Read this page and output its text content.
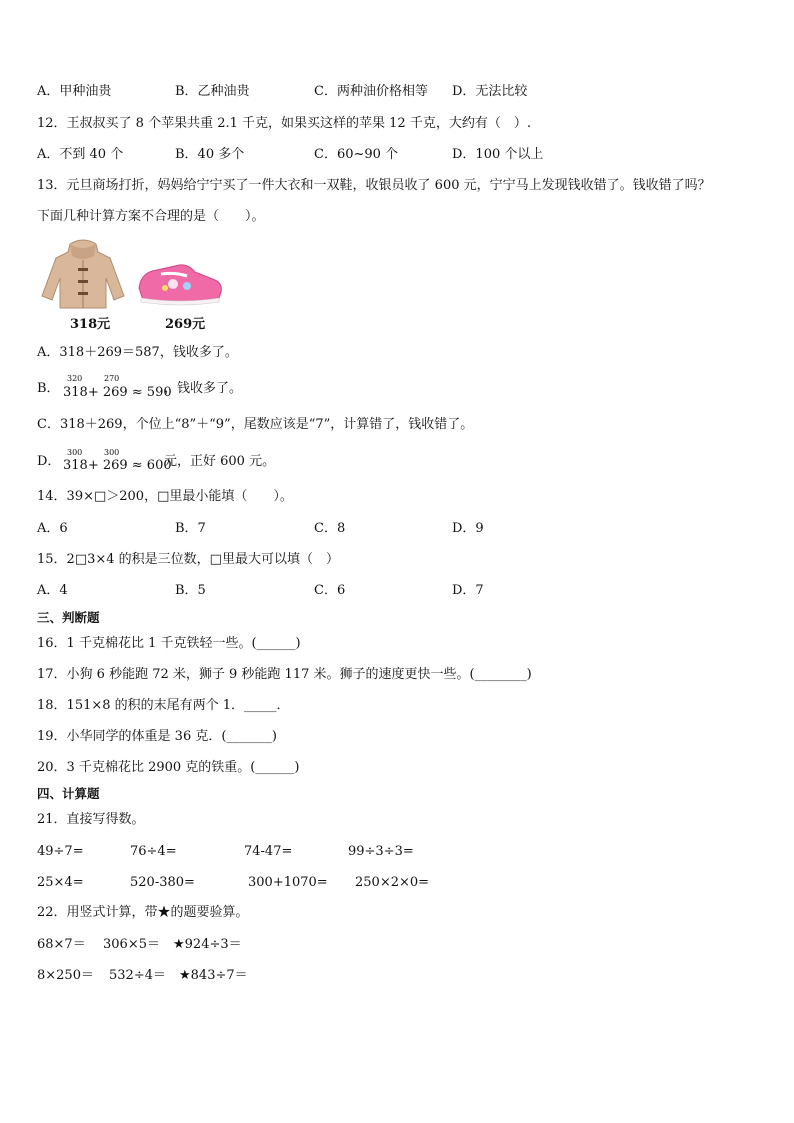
A．甲种油贵	B．乙种油贵	C．两种油价格相等 D．无法比较
12．王叔叔买了 8 个苹果共重 2.1 千克，如果买这样的苹果 12 千克，大约有（　）.
A．不到 40 个	B．40 多个	C．60~90 个	D．100 个以上
13．元旦商场打折，妈妈给宁宁买了一件大衣和一双鞋，收银员收了 600 元，宁宁马上发现钱收错了。钱收错了吗？
下面几种计算方案不合理的是（　　）。
318元	269元
A．318＋269＝587，钱收多了。
B．
320	270
318+ 269 ≈ 590
，钱收多了。
C．318＋269，个位上“8”＋“9”，尾数应该是“7”，计算错了，钱收错了。
D．
300	300
318+ 269 ≈ 600
元，正好 600 元。
14．39×□＞200，□里最小能填（　　）。
A．6	B．7	C．8	D．9
15．2□3×4 的积是三位数，□里最大可以填（　）
A．4	B．5	C．6	D．7
三、判断题
16．1 千克棉花比 1 千克铁轻一些。(______)
17．小狗 6 秒能跑 72 米，狮子 9 秒能跑 117 米。狮子的速度更快一些。(________)
18．151×8 的积的末尾有两个 1．_____．
19．小华同学的体重是 36 克．(_______)
20．3 千克棉花比 2900 克的铁重。(______)
四、计算题
21．直接写得数。
49÷7=	76÷4=	74-47=	99÷3÷3=
25×4=	520-380=	300+1070= 250×2×0=
22．用竖式计算，带★的题要验算。
68×7＝ 306×5＝ ★924÷3＝
8×250＝ 532÷4＝ ★843÷7＝
